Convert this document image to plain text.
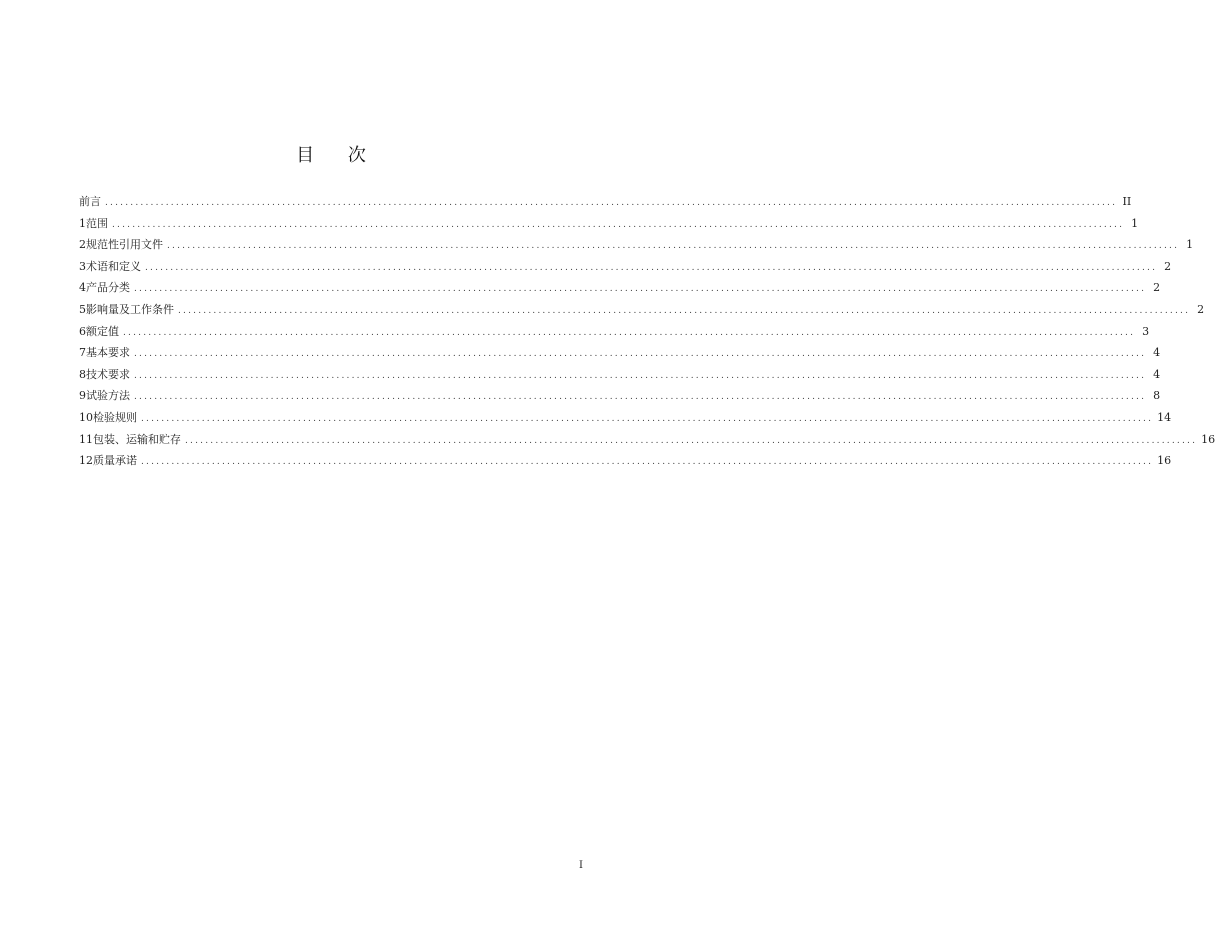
目 次
前言 ........................................................................................................................................................................................................ II
1 范围 ........................................................................................................................................................................................................ 1
2 规范性引用文件 ........................................................................................................................................................................................................ 1
3 术语和定义 ........................................................................................................................................................................................................ 2
4 产品分类 ........................................................................................................................................................................................................ 2
5 影响量及工作条件 ........................................................................................................................................................................................................ 2
6 额定值 ........................................................................................................................................................................................................ 3
7 基本要求 ........................................................................................................................................................................................................ 4
8 技术要求 ........................................................................................................................................................................................................ 4
9 试验方法 ........................................................................................................................................................................................................ 8
10 检验规则 ........................................................................................................................................................................................................ 14
11 包装、运输和贮存 ........................................................................................................................................................................................................ 16
12 质量承诺 ........................................................................................................................................................................................................ 16
I
